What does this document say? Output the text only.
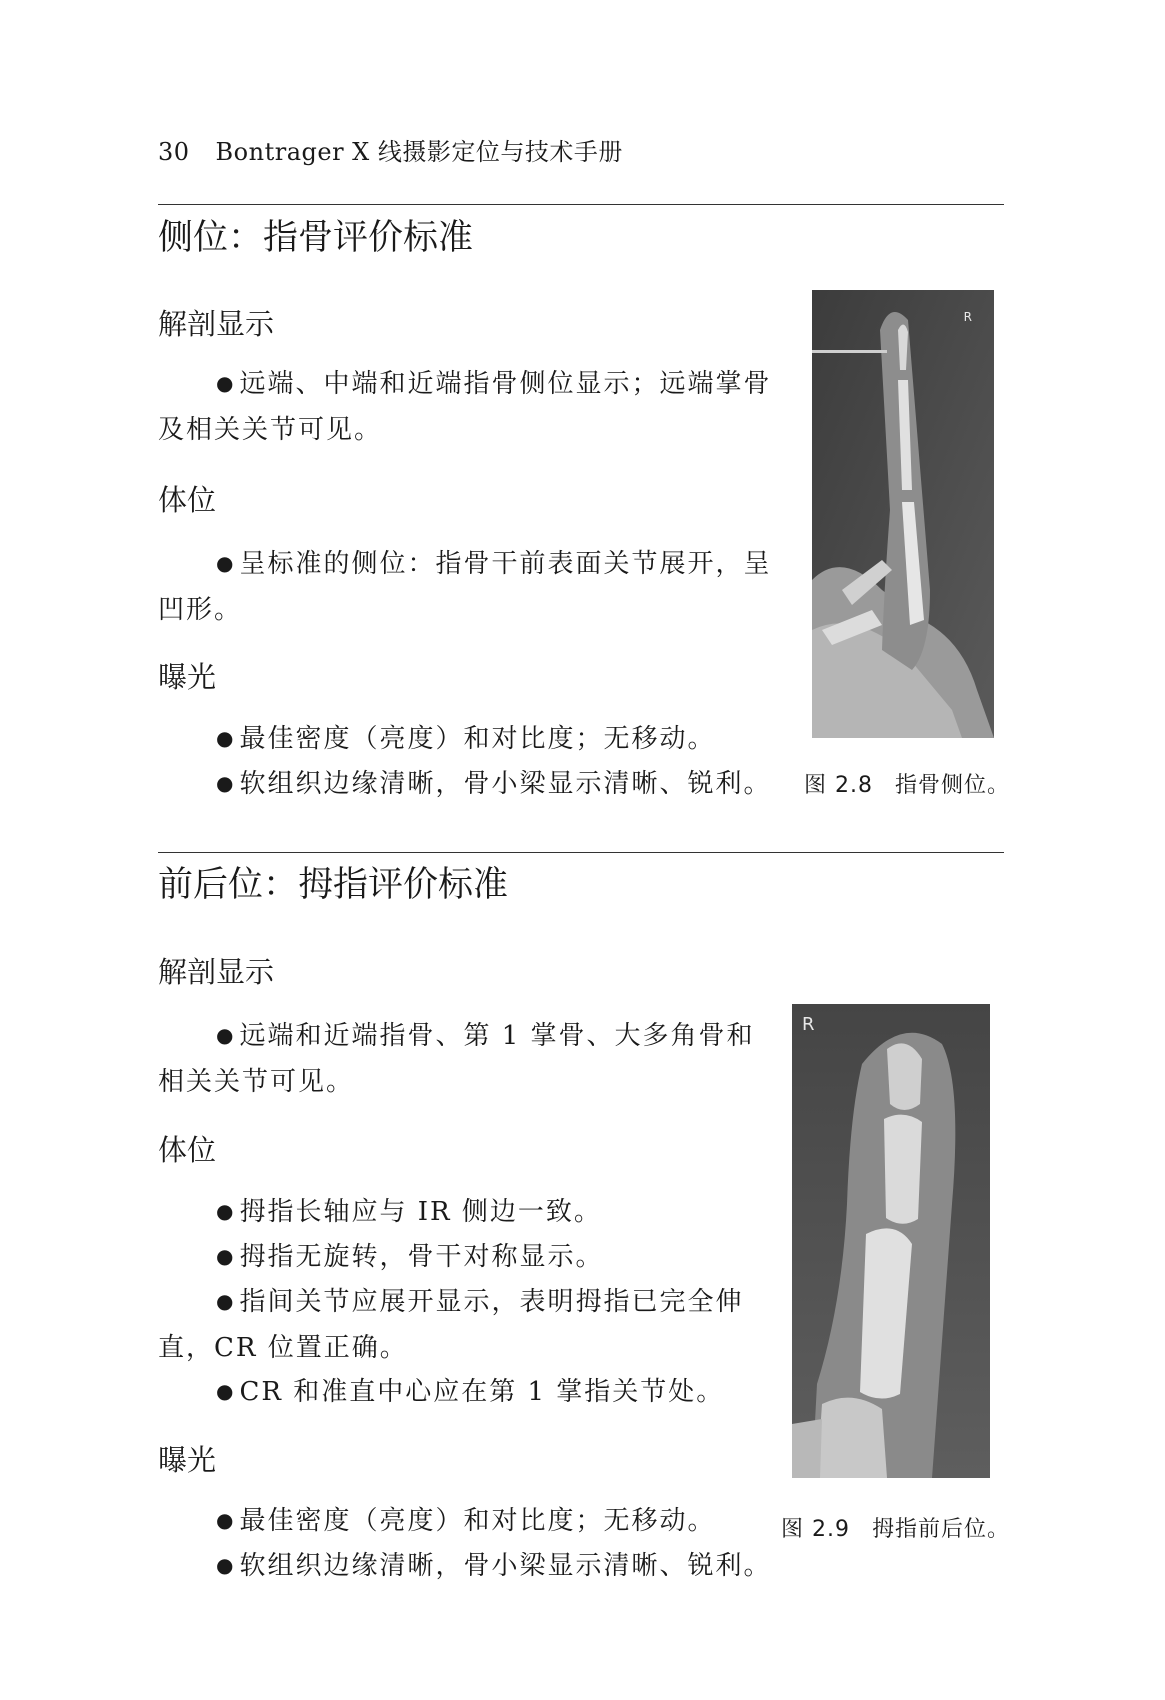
30 Bontrager X 线摄影定位与技术手册
侧位：指骨评价标准
解剖显示
● 远端、中端和近端指骨侧位显示；远端掌骨及相关关节可见。
体位
● 呈标准的侧位：指骨干前表面关节展开，呈凹形。
曝光
● 最佳密度（亮度）和对比度；无移动。
● 软组织边缘清晰，骨小梁显示清晰、锐利。
R
图 2.8 指骨侧位。
前后位：拇指评价标准
解剖显示
● 远端和近端指骨、第 1 掌骨、大多角骨和相关关节可见。
体位
● 拇指长轴应与 IR 侧边一致。
● 拇指无旋转，骨干对称显示。
● 指间关节应展开显示，表明拇指已完全伸直，CR 位置正确。
● CR 和准直中心应在第 1 掌指关节处。
曝光
● 最佳密度（亮度）和对比度；无移动。
● 软组织边缘清晰，骨小梁显示清晰、锐利。
R
图 2.9 拇指前后位。
